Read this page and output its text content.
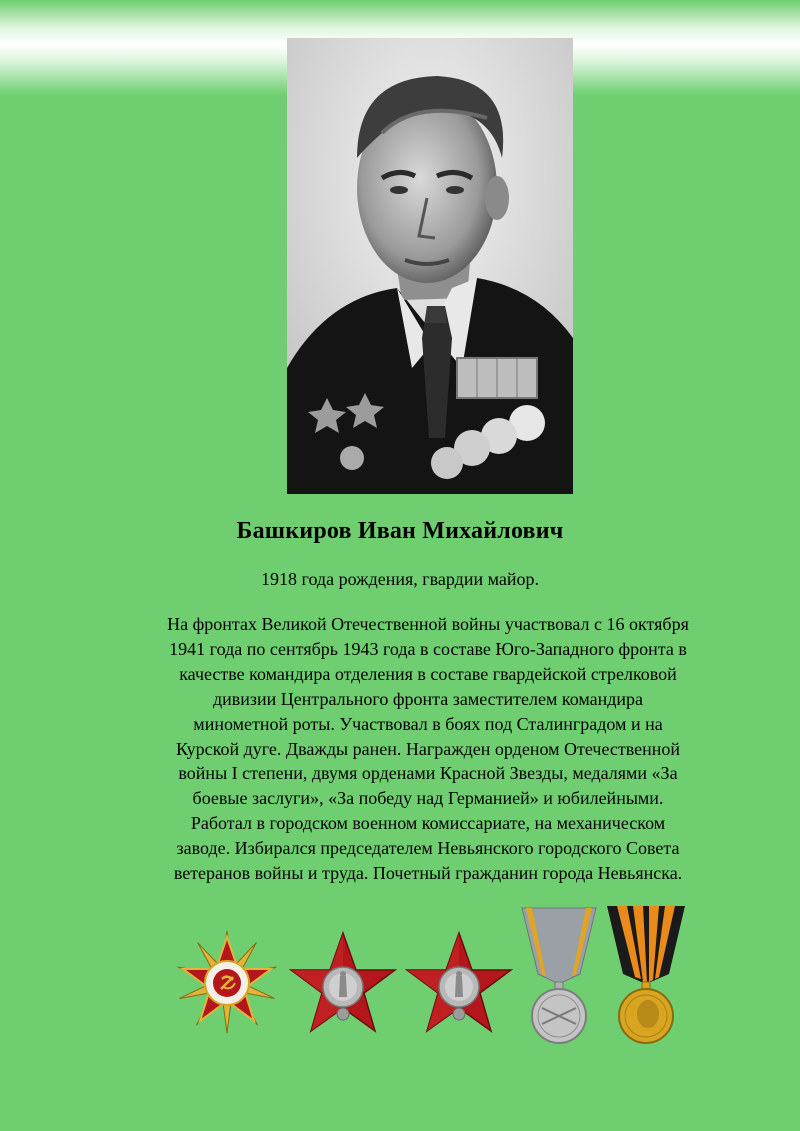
Башкиров Иван Михайлович
1918 года рождения, гвардии майор.
На фронтах Великой Отечественной войны участвовал с 16 октября
1941 года по сентябрь 1943 года в составе Юго-Западного фронта в
качестве командира отделения в составе гвардейской стрелковой
дивизии Центрального фронта заместителем командира
минометной роты. Участвовал в боях под Сталинградом и на
Курской дуге. Дважды ранен. Награжден орденом Отечественной
войны I степени, двумя орденами Красной Звезды, медалями «За
боевые заслуги», «За победу над Германией» и юбилейными.
Работал в городском военном комиссариате, на механическом
заводе. Избирался председателем Невьянского городского Совета
ветеранов войны и труда. Почетный гражданин города Невьянска.
